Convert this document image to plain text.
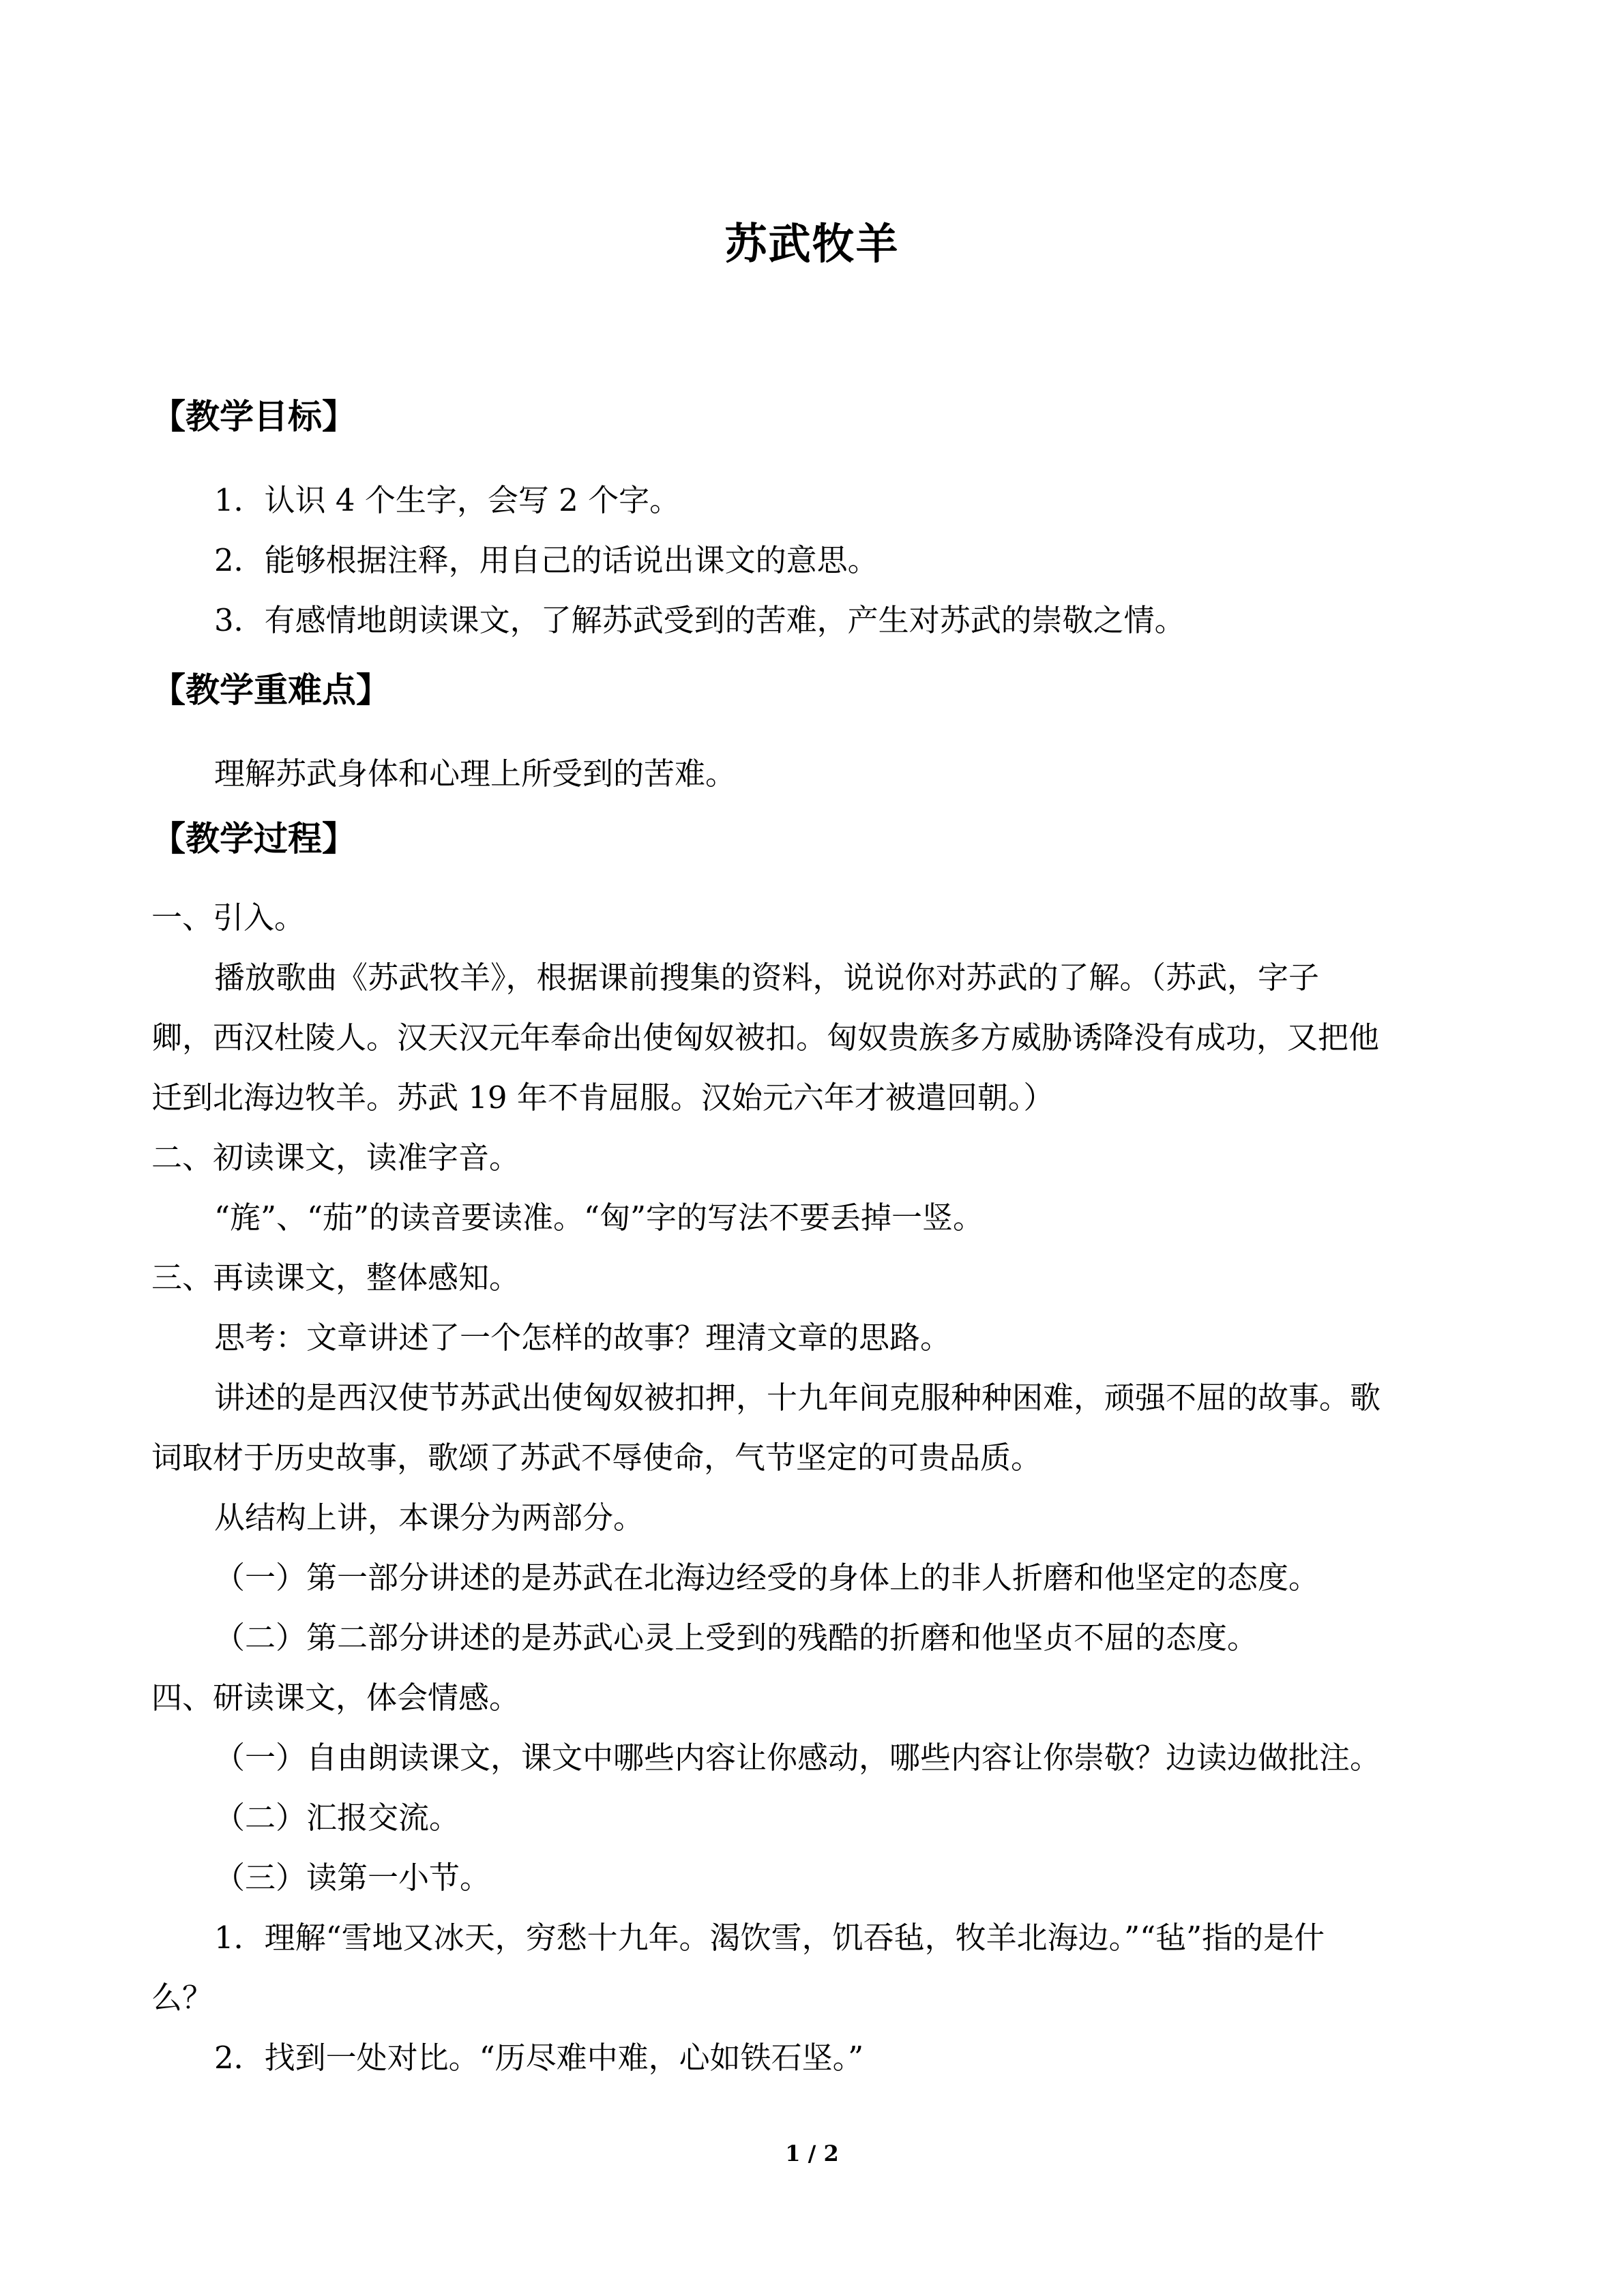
苏武牧羊
【教学目标】
1．认识 4 个生字，会写 2 个字。
2．能够根据注释，用自己的话说出课文的意思。
3．有感情地朗读课文，了解苏武受到的苦难，产生对苏武的崇敬之情。
【教学重难点】
理解苏武身体和心理上所受到的苦难。
【教学过程】
一、引入。
播放歌曲《苏武牧羊》，根据课前搜集的资料，说说你对苏武的了解。（苏武，字子
卿，西汉杜陵人。汉天汉元年奉命出使匈奴被扣。匈奴贵族多方威胁诱降没有成功，又把他
迁到北海边牧羊。苏武 19 年不肯屈服。汉始元六年才被遣回朝。）
二、初读课文，读准字音。
“旄”、“茄”的读音要读准。“匈”字的写法不要丢掉一竖。
三、再读课文，整体感知。
思考：文章讲述了一个怎样的故事？理清文章的思路。
讲述的是西汉使节苏武出使匈奴被扣押，十九年间克服种种困难，顽强不屈的故事。歌
词取材于历史故事，歌颂了苏武不辱使命，气节坚定的可贵品质。
从结构上讲，本课分为两部分。
（一）第一部分讲述的是苏武在北海边经受的身体上的非人折磨和他坚定的态度。
（二）第二部分讲述的是苏武心灵上受到的残酷的折磨和他坚贞不屈的态度。
四、研读课文，体会情感。
（一）自由朗读课文，课文中哪些内容让你感动，哪些内容让你崇敬？边读边做批注。
（二）汇报交流。
（三）读第一小节。
1．理解“雪地又冰天，穷愁十九年。渴饮雪，饥吞毡，牧羊北海边。”“毡”指的是什
么？
2．找到一处对比。“历尽难中难，心如铁石坚。”
1 / 2
